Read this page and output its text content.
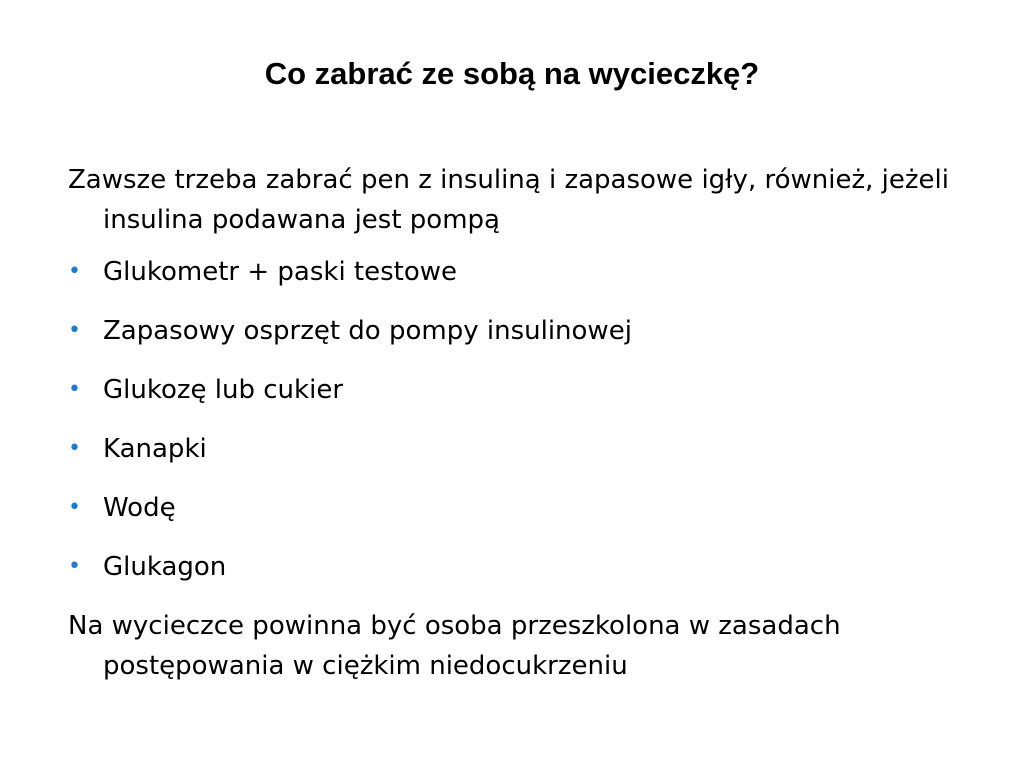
Co zabrać ze sobą na wycieczkę?

Zawsze trzeba zabrać pen z insuliną i zapasowe igły, również, jeżeli insulina podawana jest pompą

• Glukometr + paski testowe
• Zapasowy osprzęt do pompy insulinowej
• Glukozę lub cukier
• Kanapki
• Wodę
• Glukagon

Na wycieczce powinna być osoba przeszkolona w zasadach postępowania w ciężkim niedocukrzeniu
